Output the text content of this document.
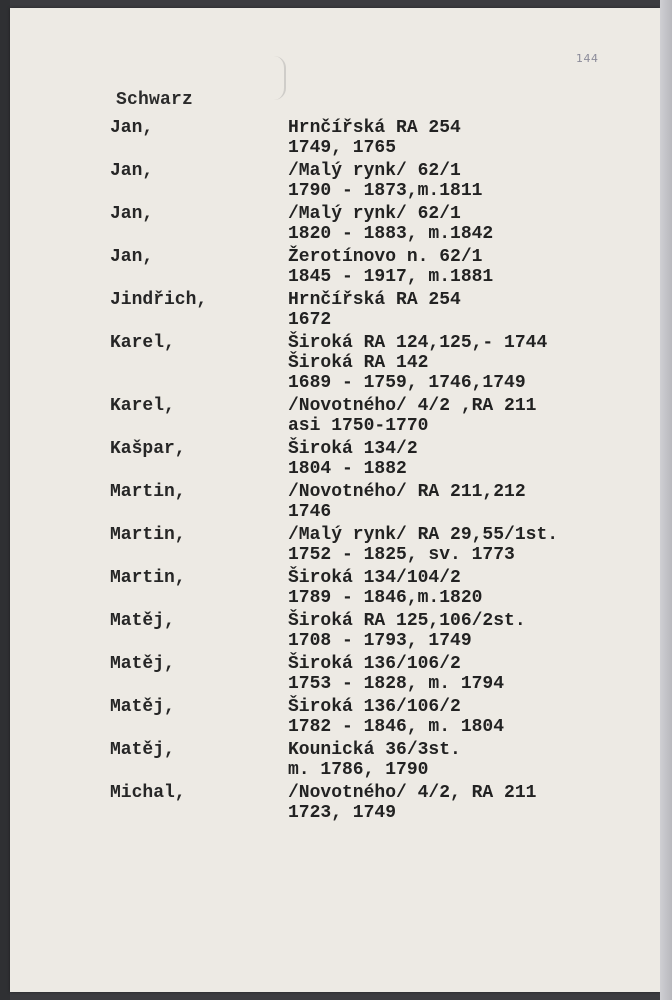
144
Schwarz
Jan,	Hrnčířská RA 254
1749, 1765
Jan,	/Malý rynk/ 62/1
1790 - 1873,m.1811
Jan,	/Malý rynk/ 62/1
1820 - 1883, m.1842
Jan,	Žerotínovo n. 62/1
1845 - 1917, m.1881
Jindřich,	Hrnčířská RA 254
1672
Karel,	Široká RA 124,125,- 1744
Široká RA 142
1689 - 1759, 1746,1749
Karel,	/Novotného/ 4/2 ,RA 211
asi 1750-1770
Kašpar,	Široká 134/2
1804 - 1882
Martin,	/Novotného/ RA 211,212
1746
Martin,	/Malý rynk/ RA 29,55/1st.
1752 - 1825, sv. 1773
Martin,	Široká 134/104/2
1789 - 1846,m.1820
Matěj,	Široká RA 125,106/2st.
1708 - 1793, 1749
Matěj,	Široká 136/106/2
1753 - 1828, m. 1794
Matěj,	Široká 136/106/2
1782 - 1846, m. 1804
Matěj,	Kounická 36/3st.
m. 1786, 1790
Michal,	/Novotného/ 4/2, RA 211
1723, 1749
